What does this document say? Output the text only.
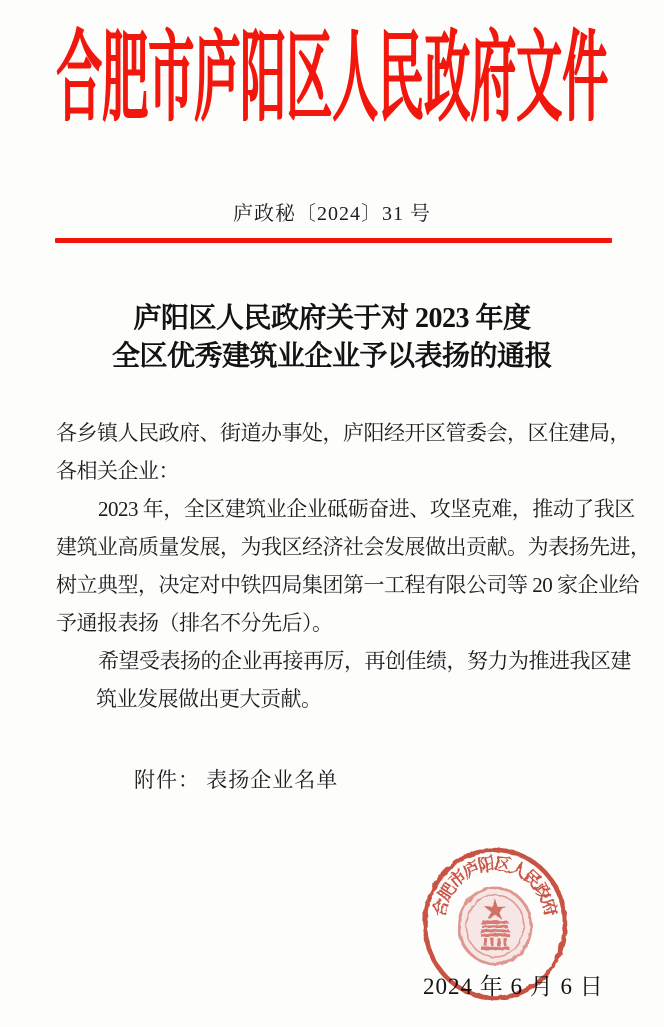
合肥市庐阳区人民政府文件
庐政秘〔2024〕31 号
庐阳区人民政府关于对 2023 年度
全区优秀建筑业企业予以表扬的通报
各乡镇人民政府、街道办事处，庐阳经开区管委会，区住建局，
各相关企业：
2023 年，全区建筑业企业砥砺奋进、攻坚克难，推动了我区
建筑业高质量发展，为我区经济社会发展做出贡献。为表扬先进，
树立典型，决定对中铁四局集团第一工程有限公司等 20 家企业给
予通报表扬（排名不分先后）。
希望受表扬的企业再接再厉，再创佳绩，努力为推进我区建
筑业发展做出更大贡献。
附件： 表扬企业名单
合
肥
市
庐
阳
区
人
民
政
府
2024 年 6 月 6 日
